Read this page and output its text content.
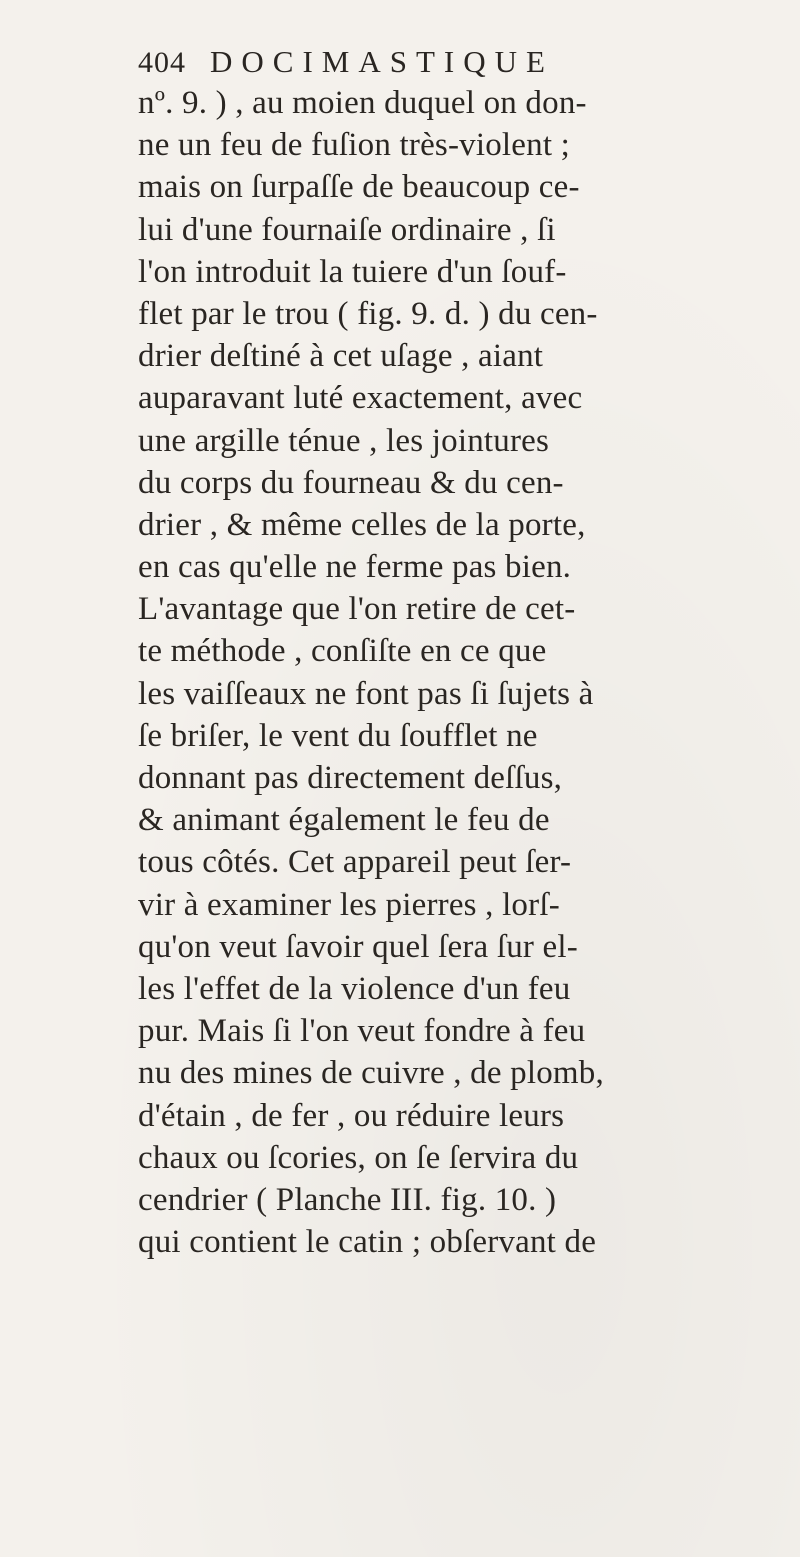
404 DOCIMASTIQUE
nº. 9. ) , au moien duquel on don-
ne un feu de fuſion très-violent ;
mais on ſurpaſſe de beaucoup ce-
lui d'une fournaiſe ordinaire , ſi
l'on introduit la tuiere d'un ſouf-
flet par le trou ( fig. 9. d. ) du cen-
drier deſtiné à cet uſage , aiant
auparavant luté exactement, avec
une argille ténue , les jointures
du corps du fourneau & du cen-
drier , & même celles de la porte,
en cas qu'elle ne ferme pas bien.
L'avantage que l'on retire de cet-
te méthode , conſiſte en ce que
les vaiſſeaux ne font pas ſi ſujets à
ſe briſer, le vent du ſoufflet ne
donnant pas directement deſſus,
& animant également le feu de
tous côtés. Cet appareil peut ſer-
vir à examiner les pierres , lorſ-
qu'on veut ſavoir quel ſera ſur el-
les l'effet de la violence d'un feu
pur. Mais ſi l'on veut fondre à feu
nu des mines de cuivre , de plomb,
d'étain , de fer , ou réduire leurs
chaux ou ſcories, on ſe ſervira du
cendrier ( Planche III. fig. 10. )
qui contient le catin ; obſervant de
